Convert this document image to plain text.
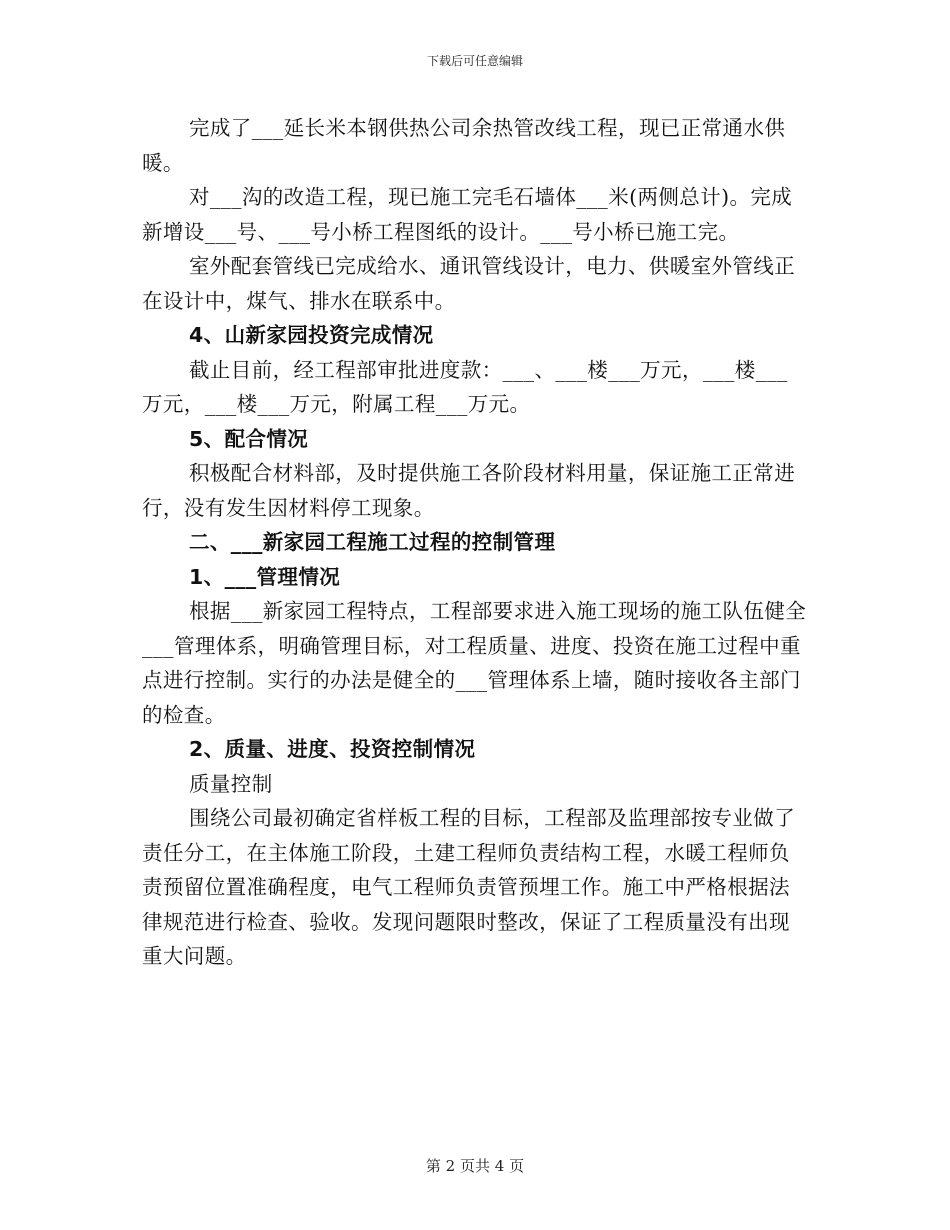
下载后可任意编辑

完成了___延长米本钢供热公司余热管改线工程，现已正常通水供暖。

对___沟的改造工程，现已施工完毛石墙体___米(两侧总计)。完成新增设___号、___号小桥工程图纸的设计。___号小桥已施工完。

室外配套管线已完成给水、通讯管线设计，电力、供暖室外管线正在设计中，煤气、排水在联系中。

4、山新家园投资完成情况

截止目前，经工程部审批进度款：___、___楼___万元，___楼___万元，___楼___万元，附属工程___万元。

5、配合情况

积极配合材料部，及时提供施工各阶段材料用量，保证施工正常进行，没有发生因材料停工现象。

二、___新家园工程施工过程的控制管理

1、___管理情况

根据___新家园工程特点，工程部要求进入施工现场的施工队伍健全___管理体系，明确管理目标，对工程质量、进度、投资在施工过程中重点进行控制。实行的办法是健全的___管理体系上墙，随时接收各主部门的检查。

2、质量、进度、投资控制情况

质量控制

围绕公司最初确定省样板工程的目标，工程部及监理部按专业做了责任分工，在主体施工阶段，土建工程师负责结构工程，水暖工程师负责预留位置准确程度，电气工程师负责管预埋工作。施工中严格根据法律规范进行检查、验收。发现问题限时整改，保证了工程质量没有出现重大问题。

第 2 页共 4 页
